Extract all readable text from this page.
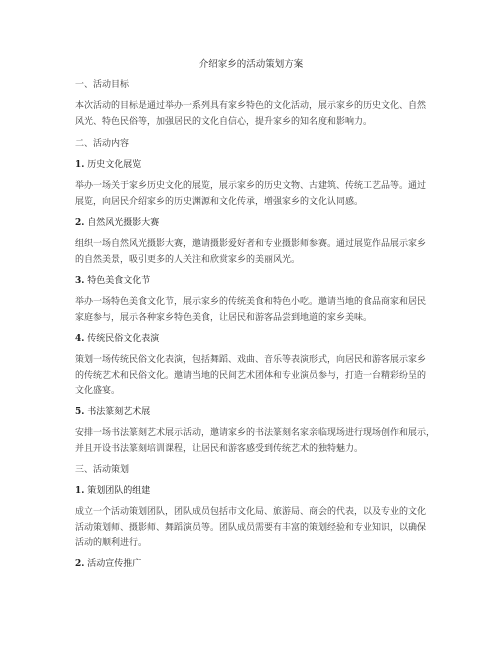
介绍家乡的活动策划方案
一、活动目标
本次活动的目标是通过举办一系列具有家乡特色的文化活动，展示家乡的历史文化、自然
风光、特色民俗等，加强居民的文化自信心，提升家乡的知名度和影响力。
二、活动内容
1. 历史文化展览
举办一场关于家乡历史文化的展览，展示家乡的历史文物、古建筑、传统工艺品等。通过
展览，向居民介绍家乡的历史渊源和文化传承，增强家乡的文化认同感。
2. 自然风光摄影大赛
组织一场自然风光摄影大赛，邀请摄影爱好者和专业摄影师参赛。通过展览作品展示家乡
的自然美景，吸引更多的人关注和欣赏家乡的美丽风光。
3. 特色美食文化节
举办一场特色美食文化节，展示家乡的传统美食和特色小吃。邀请当地的食品商家和居民
家庭参与，展示各种家乡特色美食，让居民和游客品尝到地道的家乡美味。
4. 传统民俗文化表演
策划一场传统民俗文化表演，包括舞蹈、戏曲、音乐等表演形式，向居民和游客展示家乡
的传统艺术和民俗文化。邀请当地的民间艺术团体和专业演员参与，打造一台精彩纷呈的
文化盛宴。
5. 书法篆刻艺术展
安排一场书法篆刻艺术展示活动，邀请家乡的书法篆刻名家亲临现场进行现场创作和展示，
并且开设书法篆刻培训课程，让居民和游客感受到传统艺术的独特魅力。
三、活动策划
1. 策划团队的组建
成立一个活动策划团队，团队成员包括市文化局、旅游局、商会的代表，以及专业的文化
活动策划师、摄影师、舞蹈演员等。团队成员需要有丰富的策划经验和专业知识，以确保
活动的顺利进行。
2. 活动宣传推广
